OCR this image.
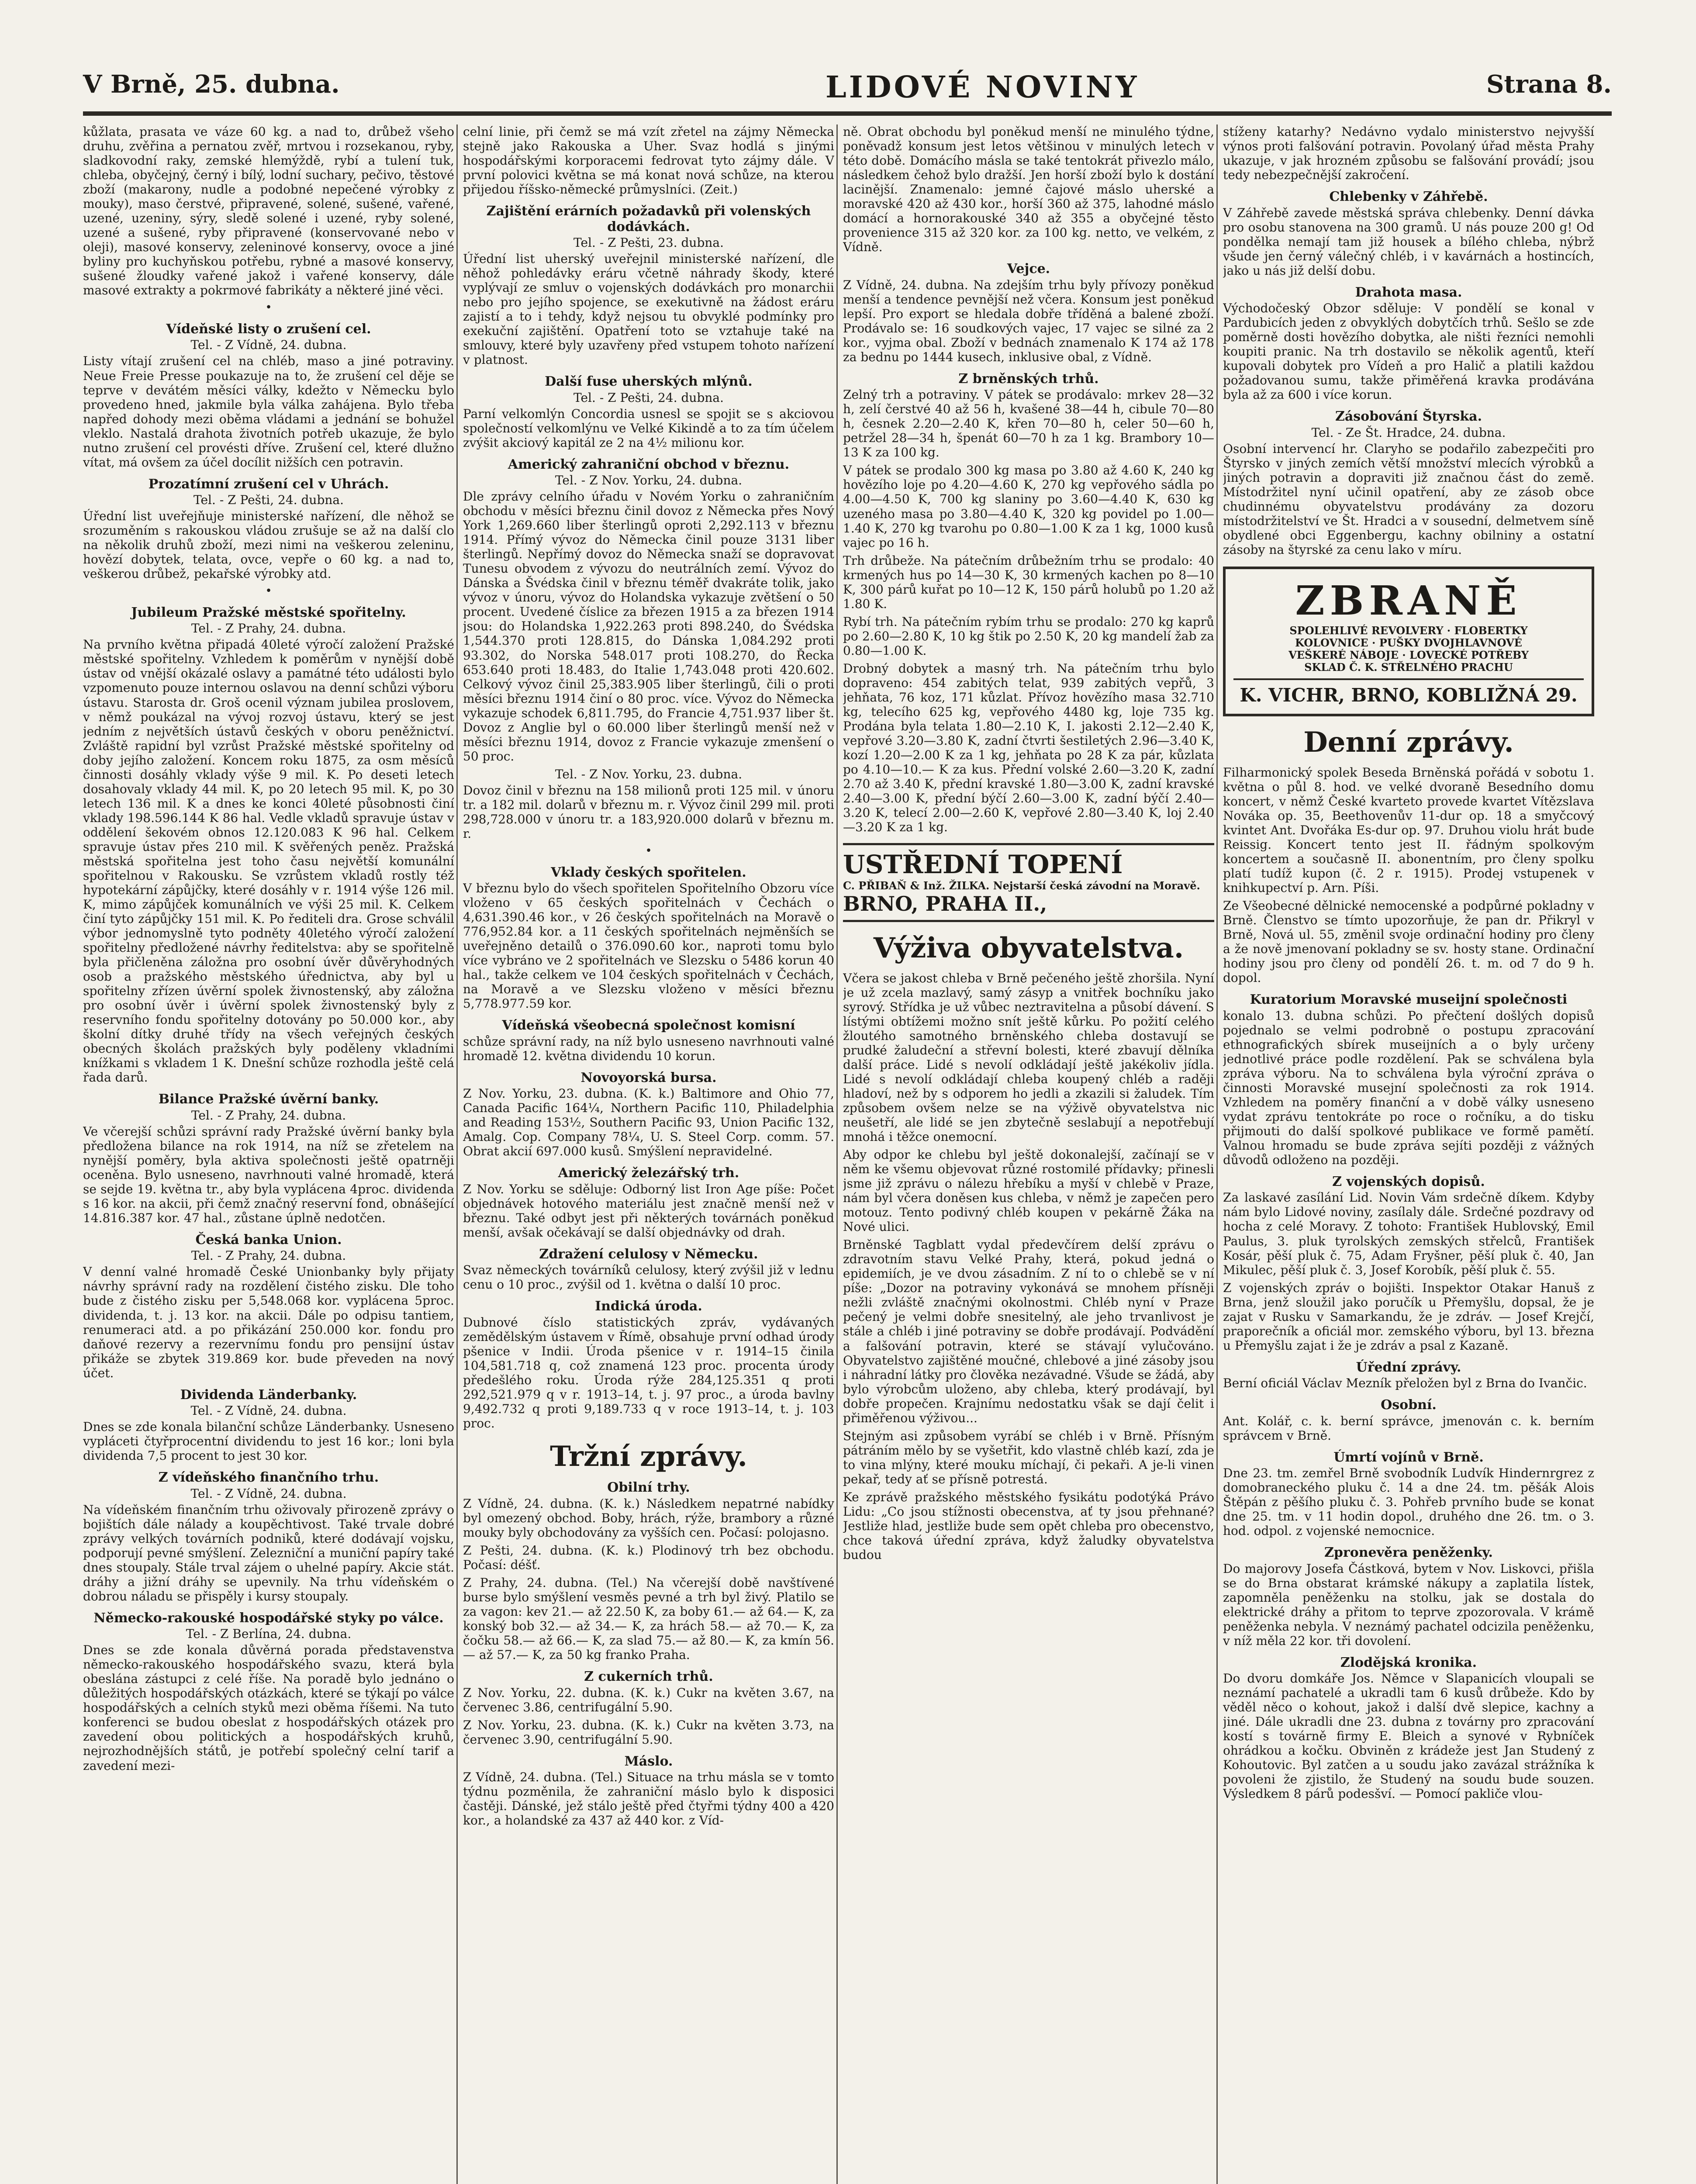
V Brně, 25. dubna.	LIDOVÉ NOVINY	Strana 8.

kůžlata, prasata ve váze 60 kg. a nad to, drůbež všeho druhu, zvěřina a pernatou zvěř, mrtvou i rozsekanou, ryby, sladkovodní raky, zemské hlemýždě, rybí a tulení tuk, chleba, obyčejný, černý i bílý, lodní suchary, pečivo, těstové zboží (makarony, nudle a podobné nepečené výrobky z mouky), maso čerstvé, připravené, solené, sušené, vařené, uzené, uzeniny, sýry, sledě solené i uzené, ryby solené, uzené a sušené, ryby připravené (konservované nebo v oleji), masové konservy, zeleninové konservy, ovoce a jiné byliny pro kuchyňskou potřebu, rybné a masové konservy, sušené žloudky vařené jakož i vařené konservy, dále masové extrakty a pokrmové fabrikáty a některé jiné věci.

•
Vídeňské listy o zrušení cel.
Tel. - Z Vídně, 24. dubna.

Listy vítají zrušení cel na chléb, maso a jiné potraviny. Neue Freie Presse poukazuje na to, že zrušení cel děje se teprve v devátém měsíci války, kdežto v Německu bylo provedeno hned, jakmile byla válka zahájena. Bylo třeba napřed dohody mezi oběma vládami a jednání se bohužel vleklo. Nastalá drahota životních potřeb ukazuje, že bylo nutno zrušení cel provésti dříve. Zrušení cel, které dlužno vítat, má ovšem za účel docílit nižších cen potravin.

Prozatímní zrušení cel v Uhrách.
Tel. - Z Pešti, 24. dubna.

Úřední list uveřejňuje ministerské nařízení, dle něhož se srozuměním s rakouskou vládou zrušuje se až na další clo na několik druhů zboží, mezi nimi na veškerou zeleninu, hovězí dobytek, telata, ovce, vepře o 60 kg. a nad to, veškerou drůbež, pekařské výrobky atd.

•
Jubileum Pražské městské spořitelny.
Tel. - Z Prahy, 24. dubna.

Na prvního května připadá 40leté výročí založení Pražské městské spořitelny. Vzhledem k poměrům v nynější době ústav od vnější okázalé oslavy a památné této události bylo vzpomenuto pouze internou oslavou na denní schůzi výboru ústavu. Starosta dr. Groš ocenil význam jubilea proslovem, v němž poukázal na vývoj rozvoj ústavu, který se jest jedním z největších ústavů českých v oboru peněžnictví. Zvláště rapidní byl vzrůst Pražské městské spořitelny od doby jejího založení. Koncem roku 1875, za osm měsíců činnosti dosáhly vklady výše 9 mil. K. Po deseti letech dosahovaly vklady 44 mil. K, po 20 letech 95 mil. K, po 30 letech 136 mil. K a dnes ke konci 40leté působnosti činí vklady 198.596.144 K 86 hal. Vedle vkladů spravuje ústav v oddělení šekovém obnos 12.120.083 K 96 hal. Celkem spravuje ústav přes 210 mil. K svěřených peněz. Pražská městská spořitelna jest toho času největší komunální spořitelnou v Rakousku. Se vzrůstem vkladů rostly též hypotekární zápůjčky, které dosáhly v r. 1914 výše 126 mil. K, mimo zápůjček komunálních ve výši 25 mil. K. Celkem činí tyto zápůjčky 151 mil. K. Po řediteli dra. Grose schválil výbor jednomyslně tyto podněty 40letého výročí založení spořitelny předložené návrhy ředitelstva: aby se spořitelně byla přičleněna záložna pro osobní úvěr důvěryhodných osob a pražského městského úřednictva, aby byl u spořitelny zřízen úvěrní spolek živnostenský, aby záložna pro osobní úvěr i úvěrní spolek živnostenský byly z reservního fondu spořitelny dotovány po 50.000 kor., aby školní dítky druhé třídy na všech veřejných českých obecných školách pražských byly poděleny vkladními knížkami s vkladem 1 K. Dnešní schůze rozhodla ještě celá řada darů.

Bilance Pražské úvěrní banky.
Tel. - Z Prahy, 24. dubna.

Ve včerejší schůzi správní rady Pražské úvěrní banky byla předložena bilance na rok 1914, na níž se zřetelem na nynější poměry, byla aktiva společnosti ještě opatrněji oceněna. Bylo usneseno, navrhnouti valné hromadě, která se sejde 19. května tr., aby byla vyplácena 4proc. dividenda s 16 kor. na akcii, při čemž značný reservní fond, obnášející 14.816.387 kor. 47 hal., zůstane úplně nedotčen.

Česká banka Union.
Tel. - Z Prahy, 24. dubna.

V denní valné hromadě České Unionbanky byly přijaty návrhy správní rady na rozdělení čistého zisku. Dle toho bude z čistého zisku per 5,548.068 kor. vyplácena 5proc. dividenda, t. j. 13 kor. na akcii. Dále po odpisu tantiem, renumeraci atd. a po přikázání 250.000 kor. fondu pro daňové rezervy a rezervnímu fondu pro pensijní ústav přikáže se zbytek 319.869 kor. bude převeden na nový účet.

Dividenda Länderbanky.
Tel. - Z Vídně, 24. dubna.

Dnes se zde konala bilanční schůze Länderbanky. Usneseno vypláceti čtyřprocentní dividendu to jest 16 kor.; loni byla dividenda 7,5 procent to jest 30 kor.

Z vídeňského finančního trhu.
Tel. - Z Vídně, 24. dubna.

Na vídeňském finančním trhu oživovaly přirozeně zprávy o bojištích dále nálady a koupěchtivost. Také trvale dobré zprávy velkých továrních podniků, které dodávají vojsku, podporují pevné smýšlení. Zelezniční a muniční papíry také dnes stoupaly. Stále trval zájem o uhelné papíry. Akcie stát. dráhy a jižní dráhy se upevnily. Na trhu vídeňském o dobrou náladu se přispěly i kursy stoupaly.

Německo-rakouské hospodářské styky po válce.
Tel. - Z Berlína, 24. dubna.

Dnes se zde konala důvěrná porada představenstva německo-rakouského hospodářského svazu, která byla obeslána zástupci z celé říše. Na poradě bylo jednáno o důležitých hospodářských otázkách, které se týkají po válce hospodářských a celních styků mezi oběma říšemi. Na tuto konferenci se budou obeslat z hospodářských otázek pro zavedení obou politických a hospodářských kruhů, nejrozhodnějších států, je potřebí společný celní tarif a zavedení mezi-

celní linie, při čemž se má vzít zřetel na zájmy Německa stejně jako Rakouska a Uher. Svaz hodlá s jinými hospodářskými korporacemi fedrovat tyto zájmy dále. V první polovici května se má konat nová schůze, na kterou přijedou říšsko-německé průmyslníci. (Zeit.)

Zajištění erárních požadavků při volenských dodávkách.
Tel. - Z Pešti, 23. dubna.

Úřední list uherský uveřejnil ministerské nařízení, dle něhož pohledávky eráru včetně náhrady škody, které vyplývají ze smluv o vojenských dodávkách pro monarchii nebo pro jejího spojence, se exekutivně na žádost eráru zajistí a to i tehdy, když nejsou tu obvyklé podmínky pro exekuční zajištění. Opatření toto se vztahuje také na smlouvy, které byly uzavřeny před vstupem tohoto nařízení v platnost.

Další fuse uherských mlýnů.
Tel. - Z Pešti, 24. dubna.

Parní velkomlýn Concordia usnesl se spojit se s akciovou společností velkomlýnu ve Velké Kikindě a to za tím účelem zvýšit akciový kapitál ze 2 na 4½ milionu kor.

Americký zahraniční obchod v březnu.
Tel. - Z Nov. Yorku, 24. dubna.

Dle zprávy celního úřadu v Novém Yorku o zahraničním obchodu v měsíci březnu činil dovoz z Německa přes Nový York 1,269.660 liber šterlingů oproti 2,292.113 v březnu 1914. Přímý vývoz do Německa činil pouze 3131 liber šterlingů. Nepřímý dovoz do Německa snaží se dopravovat Tunesu obvodem z vývozu do neutrálních zemí. Vývoz do Dánska a Švédska činil v březnu téměř dvakráte tolik, jako vývoz v únoru, vývoz do Holandska vykazuje zvětšení o 50 procent. Uvedené číslice za březen 1915 a za březen 1914 jsou: do Holandska 1,922.263 proti 898.240, do Švédska 1,544.370 proti 128.815, do Dánska 1,084.292 proti 93.302, do Norska 548.017 proti 108.270, do Řecka 653.640 proti 18.483, do Italie 1,743.048 proti 420.602. Celkový vývoz činil 25,383.905 liber šterlingů, čili o proti měsíci březnu 1914 činí o 80 proc. více. Vývoz do Německa vykazuje schodek 6,811.795, do Francie 4,751.937 liber št. Dovoz z Anglie byl o 60.000 liber šterlingů menší než v měsíci březnu 1914, dovoz z Francie vykazuje zmenšení o 50 proc.

Tel. - Z Nov. Yorku, 23. dubna.

Dovoz činil v březnu na 158 milionů proti 125 mil. v únoru tr. a 182 mil. dolarů v březnu m. r. Vývoz činil 299 mil. proti 298,728.000 v únoru tr. a 183,920.000 dolarů v březnu m. r.

•
Vklady českých spořitelen.

V březnu bylo do všech spořitelen Spořitelního Obzoru více vloženo v 65 českých spořitelnách v Čechách o 4,631.390.46 kor., v 26 českých spořitelnách na Moravě o 776,952.84 kor. a 11 českých spořitelnách nejměnších se uveřejněno detailů o 376.090.60 kor., naproti tomu bylo více vybráno ve 2 spořitelnách ve Slezsku o 5486 korun 40 hal., takže celkem ve 104 českých spořitelnách v Čechách, na Moravě a ve Slezsku vloženo v měsíci březnu 5,778.977.59 kor.

Vídeňská všeobecná společnost komisní

schůze správní rady, na níž bylo usneseno navrhnouti valné hromadě 12. května dividendu 10 korun.

Novoyorská bursa.

Z Nov. Yorku, 23. dubna. (K. k.) Baltimore and Ohio 77, Canada Pacific 164¼, Northern Pacific 110, Philadelphia and Reading 153½, Southern Pacific 93, Union Pacific 132, Amalg. Cop. Company 78¼, U. S. Steel Corp. comm. 57. Obrat akcií 697.000 kusů. Smýšlení nepravidelné.

Americký železářský trh.

Z Nov. Yorku se sděluje: Odborný list Iron Age píše: Počet objednávek hotového materiálu jest značně menší než v březnu. Také odbyt jest při některých továrnách poněkud menší, avšak očekávají se další objednávky od drah.

Zdražení celulosy v Německu.

Svaz německých továrníků celulosy, který zvýšil již v lednu cenu o 10 proc., zvýšil od 1. května o další 10 proc.

Indická úroda.

Dubnové číslo statistických zpráv, vydávaných zemědělským ústavem v Římě, obsahuje první odhad úrody pšenice v Indii. Úroda pšenice v r. 1914–15 činila 104,581.718 q, což znamená 123 proc. procenta úrody předešlého roku. Úroda rýže 284,125.351 q proti 292,521.979 q v r. 1913–14, t. j. 97 proc., a úroda bavlny 9,492.732 q proti 9,189.733 q v roce 1913–14, t. j. 103 proc.

Tržní zprávy.
Obilní trhy.

Z Vídně, 24. dubna. (K. k.) Následkem nepatrné nabídky byl omezený obchod. Boby, hrách, rýže, brambory a různé mouky byly obchodovány za vyšších cen. Počasí: polojasno.

Z Pešti, 24. dubna. (K. k.) Plodinový trh bez obchodu. Počasí: déšť.

Z Prahy, 24. dubna. (Tel.) Na včerejší době navštívené burse bylo smýšlení vesměs pevné a trh byl živý. Platilo se za vagon: kev 21.— až 22.50 K, za boby 61.— až 64.— K, za konský bob 32.— až 34.— K, za hrách 58.— až 70.— K, za čočku 58.— až 66.— K, za slad 75.— až 80.— K, za kmín 56.— až 57.— K, za 50 kg franko Praha.

Z cukerních trhů.

Z Nov. Yorku, 22. dubna. (K. k.) Cukr na květen 3.67, na červenec 3.86, centrifugální 5.90.

Z Nov. Yorku, 23. dubna. (K. k.) Cukr na květen 3.73, na červenec 3.90, centrifugální 5.90.

Máslo.

Z Vídně, 24. dubna. (Tel.) Situace na trhu másla se v tomto týdnu pozměnila, že zahraniční máslo bylo k disposici častěji. Dánské, jež stálo ještě před čtyřmi týdny 400 a 420 kor., a holandské za 437 až 440 kor. z Víd-

ně. Obrat obchodu byl poněkud menší ne minulého týdne, poněvadž konsum jest letos většinou v minulých letech v této době. Domácího másla se také tentokrát přivezlo málo, následkem čehož bylo dražší. Jen horší zboží bylo k dostání lacinější. Znamenalo: jemné čajové máslo uherské a moravské 420 až 430 kor., horší 360 až 375, lahodné máslo domácí a hornorakouské 340 až 355 a obyčejné těsto provenience 315 až 320 kor. za 100 kg. netto, ve velkém, z Vídně.

Vejce.

Z Vídně, 24. dubna. Na zdejším trhu byly přívozy poněkud menší a tendence pevnější než včera. Konsum jest poněkud lepší. Pro export se hledala dobře tříděná a balené zboží. Prodávalo se: 16 soudkových vajec, 17 vajec se silné za 2 kor., vyjma obal. Zboží v bednách znamenalo K 174 až 178 za bednu po 1444 kusech, inklusive obal, z Vídně.

Z brněnských trhů.

Zelný trh a potraviny. V pátek se prodávalo: mrkev 28—32 h, zelí čerstvé 40 až 56 h, kvašené 38—44 h, cibule 70—80 h, česnek 2.20—2.40 K, křen 70—80 h, celer 50—60 h, petržel 28—34 h, špenát 60—70 h za 1 kg. Brambory 10—13 K za 100 kg.

V pátek se prodalo 300 kg masa po 3.80 až 4.60 K, 240 kg hovězího loje po 4.20—4.60 K, 270 kg vepřového sádla po 4.00—4.50 K, 700 kg slaniny po 3.60—4.40 K, 630 kg uzeného masa po 3.80—4.40 K, 320 kg povidel po 1.00—1.40 K, 270 kg tvarohu po 0.80—1.00 K za 1 kg, 1000 kusů vajec po 16 h.

Trh drůbeže. Na pátečním drůbežním trhu se prodalo: 40 krmených hus po 14—30 K, 30 krmených kachen po 8—10 K, 300 párů kuřat po 10—12 K, 150 párů holubů po 1.20 až 1.80 K.

Rybí trh. Na pátečním rybím trhu se prodalo: 270 kg kaprů po 2.60—2.80 K, 10 kg štik po 2.50 K, 20 kg mandelí žab za 0.80—1.00 K.

Drobný dobytek a masný trh. Na pátečním trhu bylo dopraveno: 454 zabitých telat, 939 zabitých vepřů, 3 jehňata, 76 koz, 171 kůzlat. Přívoz hovězího masa 32.710 kg, telecího 625 kg, vepřového 4480 kg, loje 735 kg. Prodána byla telata 1.80—2.10 K, I. jakosti 2.12—2.40 K, vepřové 3.20—3.80 K, zadní čtvrti šestiletých 2.96—3.40 K, kozí 1.20—2.00 K za 1 kg, jehňata po 28 K za pár, kůzlata po 4.10—10.— K za kus. Přední volské 2.60—3.20 K, zadní 2.70 až 3.40 K, přední kravské 1.80—3.00 K, zadní kravské 2.40—3.00 K, přední býčí 2.60—3.00 K, zadní býčí 2.40—3.20 K, telecí 2.00—2.60 K, vepřové 2.80—3.40 K, loj 2.40—3.20 K za 1 kg.

USTŘEDNÍ TOPENÍ
C. PŘIBAŇ & Inž. ŽILKA. Nejstarší česká závodní na Moravě.
BRNO, PRAHA II.,
Výživa obyvatelstva.

Včera se jakost chleba v Brně pečeného ještě zhoršila. Nyní je už zcela mazlavý, samý zásyp a vnitřek bochníku jako syrový. Střídka je už vůbec neztravitelna a působí dávení. S lístými obtížemi možno snít ještě kůrku. Po požití celého žloutého samotného brněnského chleba dostavují se prudké žaludeční a střevní bolesti, které zbavují dělníka další práce. Lidé s nevolí odkládají ještě jakékoliv jídla. Lidé s nevolí odkládají chleba koupený chléb a raději hladoví, než by s odporem ho jedli a zkazili si žaludek. Tím způsobem ovšem nelze se na výživě obyvatelstva nic neušetří, ale lidé se jen zbytečně seslabují a nepotřebují mnohá i těžce onemocní.

Aby odpor ke chlebu byl ještě dokonalejší, začínají se v něm ke všemu objevovat různé rostomilé přídavky; přinesli jsme již zprávu o nálezu hřebíku a myší v chlebě v Praze, nám byl včera doněsen kus chleba, v němž je zapečen pero motouz. Tento podivný chléb koupen v pekárně Žáka na Nové ulici.

Brněnské Tagblatt vydal předevčírem delší zprávu o zdravotním stavu Velké Prahy, která, pokud jedná o epidemiích, je ve dvou zásadním. Z ní to o chlebě se v ní píše: „Dozor na potraviny vykonává se mnohem přísněji nežli zvláště značnými okolnostmi. Chléb nyní v Praze pečený je velmi dobře snesitelný, ale jeho trvanlivost je stále a chléb i jiné potraviny se dobře prodávají. Podvádění a falšování potravin, které se stávají vylučováno. Obyvatelstvo zajištěné moučné, chlebové a jiné zásoby jsou i náhradní látky pro člověka nezávadné. Všude se žádá, aby bylo výrobcům uloženo, aby chleba, který prodávají, byl dobře propečen. Krajnímu nedostatku však se dají čelit i přiměřenou výživou...

Stejným asi způsobem vyrábí se chléb i v Brně. Přísným pátráním mělo by se vyšetřit, kdo vlastně chléb kazí, zda je to vina mlýny, které mouku míchají, či pekaři. A je-li vinen pekař, tedy ať se přísně potrestá.

Ke zprávě pražského městského fysikátu podotýká Právo Lidu: „Co jsou stížnosti obecenstva, ať ty jsou přehnané? Jestliže hlad, jestliže bude sem opět chleba pro obecenstvo, chce taková úřední zpráva, když žaludky obyvatelstva budou

stíženy katarhy? Nedávno vydalo ministerstvo nejvyšší výnos proti falšování potravin. Povolaný úřad města Prahy ukazuje, v jak hrozném způsobu se falšování provádí; jsou tedy nebezpečnější zakročení.

Chlebenky v Záhřebě.

V Záhřebě zavede městská správa chlebenky. Denní dávka pro osobu stanovena na 300 gramů. U nás pouze 200 g! Od pondělka nemají tam již housek a bílého chleba, nýbrž všude jen černý válečný chléb, i v kavárnách a hostincích, jako u nás již delší dobu.

Drahota masa.

Východočeský Obzor sděluje: V pondělí se konal v Pardubicích jeden z obvyklých dobytčích trhů. Sešlo se zde poměrně dosti hovězího dobytka, ale ništi řezníci nemohli koupiti pranic. Na trh dostavilo se několik agentů, kteří kupovali dobytek pro Vídeň a pro Halič a platili každou požadovanou sumu, takže přiměřená kravka prodávána byla až za 600 i více korun.

Zásobování Štyrska.
Tel. - Ze Št. Hradce, 24. dubna.

Osobní intervencí hr. Claryho se podařilo zabezpečiti pro Štyrsko v jiných zemích větší množství mlecích výrobků a jiných potravin a dopraviti již značnou část do země. Místodržitel nyní učinil opatření, aby ze zásob obce chudinnému obyvatelstvu prodávány za dozoru místodržitelství ve Št. Hradci a v sousední, delmetvem síně obydlené obci Eggenbergu, kachny obilniny a ostatní zásoby na štyrské za cenu lako v míru.

ZBRANĚ
SPOLEHLIVÉ REVOLVERY · FLOBERTKY
KOLOVNICE · PUŠKY DVOJHLAVNOVÉ
VEŠKERÉ NÁBOJE · LOVECKÉ POTŘEBY
SKLAD Č. K. STŘELNÉHO PRACHU
K. VICHR, BRNO, KOBLIŽNÁ 29.
Denní zprávy.

Filharmonický spolek Beseda Brněnská pořádá v sobotu 1. května o půl 8. hod. ve velké dvoraně Besedního domu koncert, v němž České kvarteto provede kvartet Vítězslava Nováka op. 35, Beethovenův 11-dur op. 18 a smyčcový kvintet Ant. Dvořáka Es-dur op. 97. Druhou violu hrát bude Reissig. Koncert tento jest II. řádným spolkovým koncertem a současně II. abonentním, pro členy spolku platí tudíž kupon (č. 2 r. 1915). Prodej vstupenek v knihkupectví p. Arn. Píši.

Ze Všeobecné dělnické nemocenské a podpůrné pokladny v Brně. Členstvo se tímto upozorňuje, že pan dr. Přikryl v Brně, Nová ul. 55, změnil svoje ordinační hodiny pro členy a že nově jmenovaní pokladny se sv. hosty stane. Ordinační hodiny jsou pro členy od pondělí 26. t. m. od 7 do 9 h. dopol.

Kuratorium Moravské museijní společnosti

konalo 13. dubna schůzi. Po přečtení došlých dopisů pojednalo se velmi podrobně o postupu zpracování ethnografických sbírek museijních a o byly určeny jednotlivé práce podle rozdělení. Pak se schválena byla zpráva výboru. Na to schválena byla výroční zpráva o činnosti Moravské musejní společnosti za rok 1914. Vzhledem na poměry finanční a v době války usneseno vydat zprávu tentokráte po roce o ročníku, a do tisku přijmouti do další spolkové publikace ve formě pamětí. Valnou hromadu se bude zpráva sejíti později z vážných důvodů odloženo na později.

Z vojenských dopisů.

Za laskavé zasílání Lid. Novin Vám srdečně díkem. Kdyby nám bylo Lidové noviny, zasílaly dále. Srdečné pozdravy od hocha z celé Moravy. Z tohoto: František Hublovský, Emil Paulus, 3. pluk tyrolských zemských střelců, František Kosár, pěší pluk č. 75, Adam Fryšner, pěší pluk č. 40, Jan Mikulec, pěší pluk č. 3, Josef Korobík, pěší pluk č. 55.

Z vojenských zpráv o bojišti. Inspektor Otakar Hanuš z Brna, jenž sloužil jako poručík u Přemyšlu, dopsal, že je zajat v Rusku v Samarkandu, že je zdráv. — Josef Krejčí, praporečník a oficiál mor. zemského výboru, byl 13. března u Přemyšlu zajat i že je zdráv a psal z Kazaně.

Úřední zprávy.

Berní oficiál Václav Mezník přeložen byl z Brna do Ivančic.

Osobní.

Ant. Kolář, c. k. berní správce, jmenován c. k. berním správcem v Brně.

Úmrtí vojínů v Brně.

Dne 23. tm. zemřel Brně svobodník Ludvík Hindernrgrez z domobraneckého pluku č. 14 a dne 24. tm. pěšák Alois Štěpán z pěšího pluku č. 3. Pohřeb prvního bude se konat dne 25. tm. v 11 hodin dopol., druhého dne 26. tm. o 3. hod. odpol. z vojenské nemocnice.

Zpronevěra peněženky.

Do majorovy Josefa Částková, bytem v Nov. Liskovci, přišla se do Brna obstarat krámské nákupy a zaplatila lístek, zapomněla peněženku na stolku, jak se dostala do elektrické dráhy a přitom to teprve zpozorovala. V krámě peněženka nebyla. V neznámý pachatel odcizila peněženku, v níž měla 22 kor. tři dovolení.

Zlodějská kronika.

Do dvoru domkáře Jos. Němce v Slapanicích vloupali se neznámí pachatelé a ukradli tam 6 kusů drůbeže. Kdo by věděl něco o kohout, jakož i další dvě slepice, kachny a jiné. Dále ukradli dne 23. dubna z továrny pro zpracování kostí s továrně firmy E. Bleich a synové v Rybníček ohrádkou a kočku. Obviněn z krádeže jest Jan Studený z Kohoutovic. Byl zatčen a u soudu jako zavázal strážníka k povoleni že zjistilo, že Studený na soudu bude souzen. Výsledkem 8 párů podesšví. — Pomocí pakliče vlou-
